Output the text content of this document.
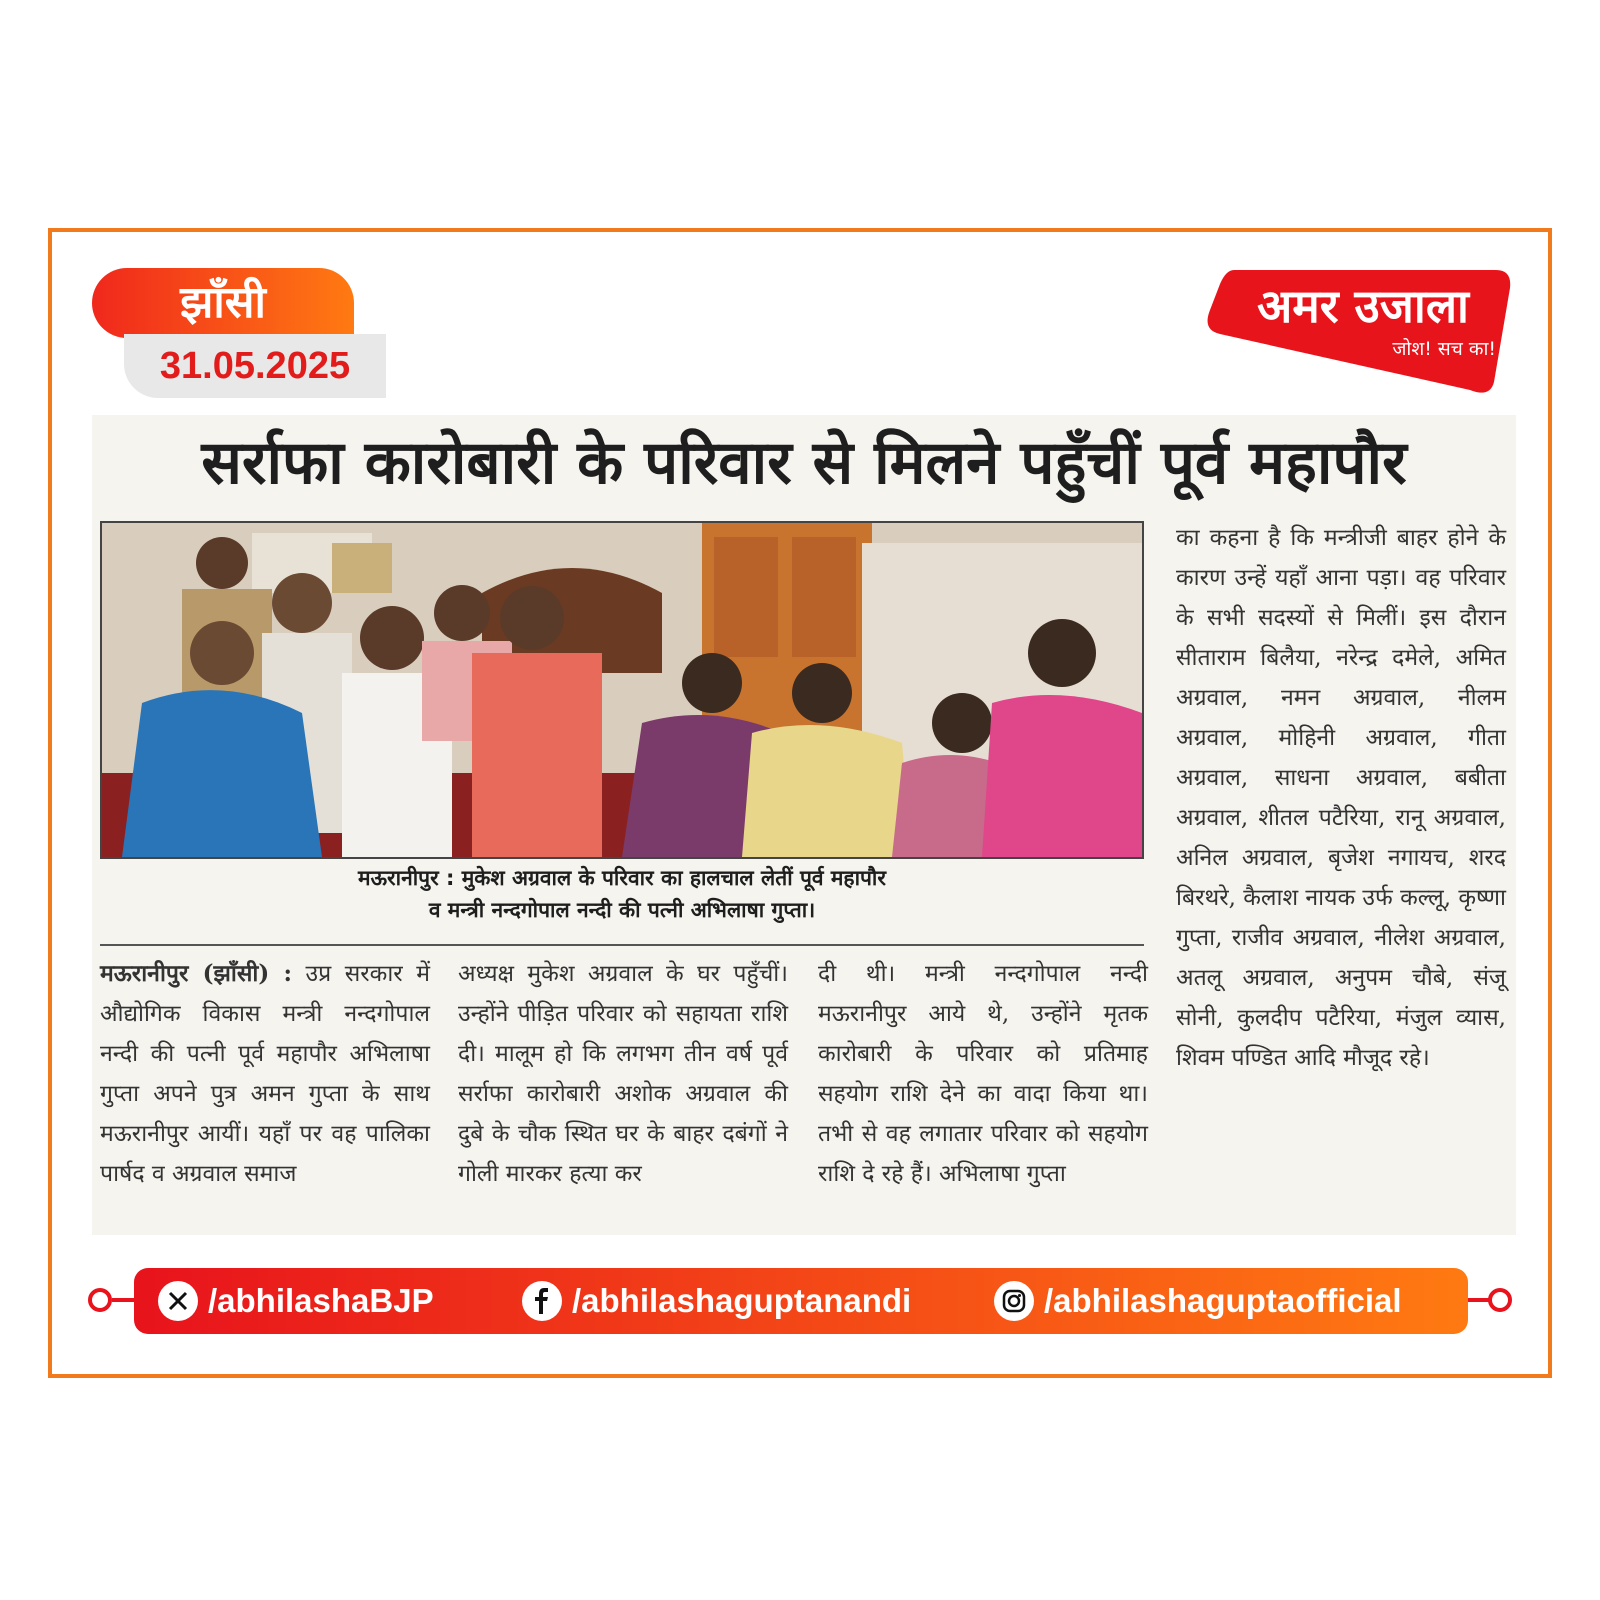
झाँसी
31.05.2025
अमर उजाला
जोश! सच का!
सर्राफा कारोबारी के परिवार से मिलने पहुँचीं पूर्व महापौर
मऊरानीपुर : मुकेश अग्रवाल के परिवार का हालचाल लेतीं पूर्व महापौर
व मन्त्री नन्दगोपाल नन्दी की पत्नी अभिलाषा गुप्ता।
मऊरानीपुर (झाँसी) : उप्र सरकार में औद्योगिक विकास मन्त्री नन्दगोपाल नन्दी की पत्नी पूर्व महापौर अभिलाषा गुप्ता अपने पुत्र अमन गुप्ता के साथ मऊरानीपुर आयीं। यहाँ पर वह पालिका पार्षद व अग्रवाल समाज
अध्यक्ष मुकेश अग्रवाल के घर पहुँचीं। उन्होंने पीड़ित परिवार को सहायता राशि दी। मालूम हो कि लगभग तीन वर्ष पूर्व सर्राफा कारोबारी अशोक अग्रवाल की दुबे के चौक स्थित घर के बाहर दबंगों ने गोली मारकर हत्या कर
दी थी। मन्त्री नन्दगोपाल नन्दी मऊरानीपुर आये थे, उन्होंने मृतक कारोबारी के परिवार को प्रतिमाह सहयोग राशि देने का वादा किया था। तभी से वह लगातार परिवार को सहयोग राशि दे रहे हैं। अभिलाषा गुप्ता
का कहना है कि मन्त्रीजी बाहर होने के कारण उन्हें यहाँ आना पड़ा। वह परिवार के सभी सदस्यों से मिलीं। इस दौरान सीताराम बिलैया, नरेन्द्र दमेले, अमित अग्रवाल, नमन अग्रवाल, नीलम अग्रवाल, मोहिनी अग्रवाल, गीता अग्रवाल, साधना अग्रवाल, बबीता अग्रवाल, शीतल पटैरिया, रानू अग्रवाल, अनिल अग्रवाल, बृजेश नगायच, शरद बिरथरे, कैलाश नायक उर्फ कल्लू, कृष्णा गुप्ता, राजीव अग्रवाल, नीलेश अग्रवाल, अतलू अग्रवाल, अनुपम चौबे, संजू सोनी, कुलदीप पटैरिया, मंजुल व्यास, शिवम पण्डित आदि मौजूद रहे।
/abhilashaBJP	/abhilashaguptanandi	/abhilashaguptaofficial
